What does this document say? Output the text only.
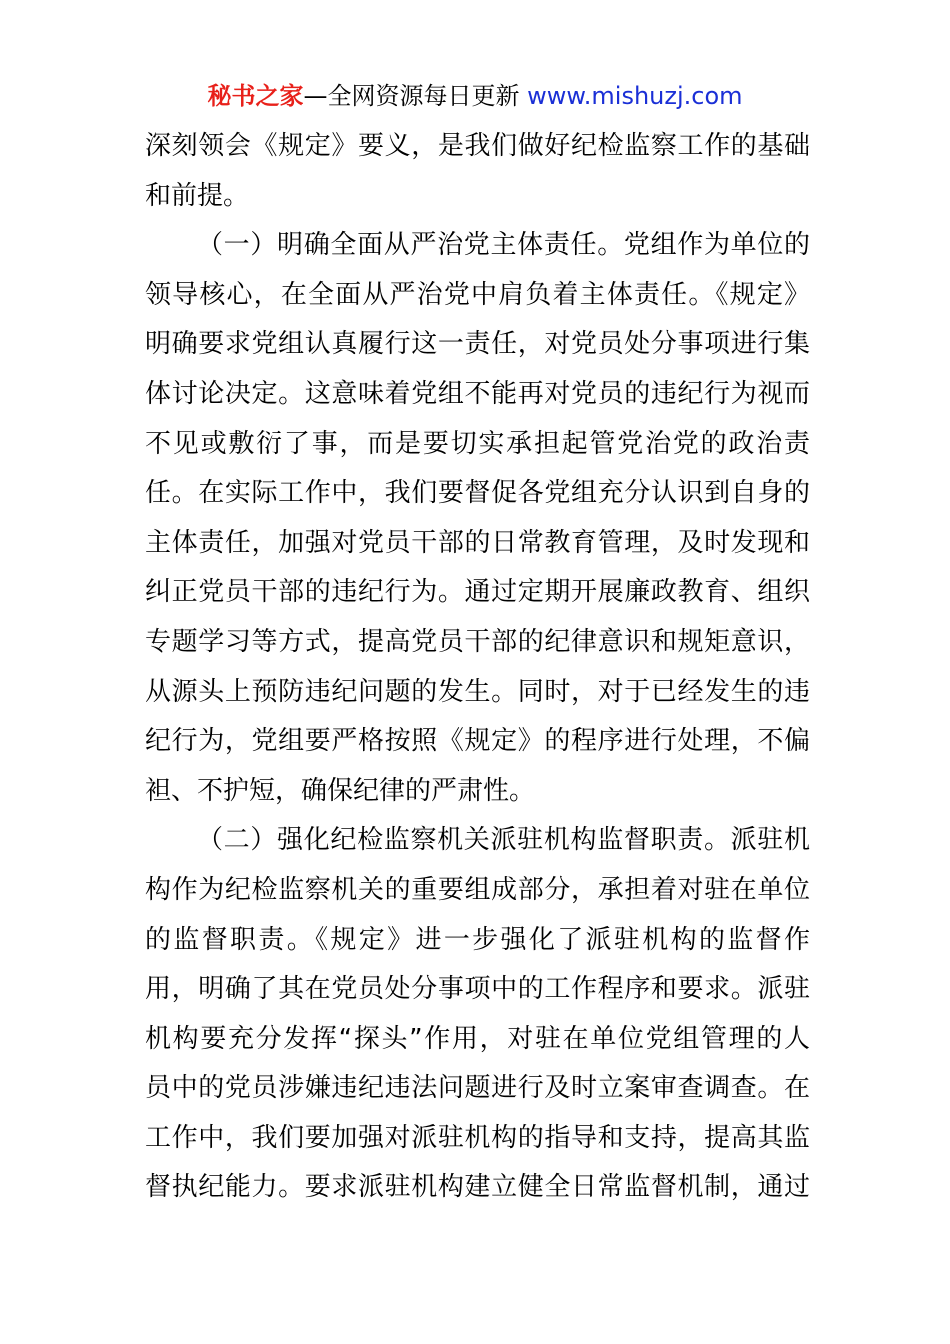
秘书之家—全网资源每日更新 www.mishuzj.com
深刻领会《规定》要义，是我们做好纪检监察工作的基础
和前提。
（一）明确全面从严治党主体责任。党组作为单位的
领导核心，在全面从严治党中肩负着主体责任。《规定》
明确要求党组认真履行这一责任，对党员处分事项进行集
体讨论决定。这意味着党组不能再对党员的违纪行为视而
不见或敷衍了事，而是要切实承担起管党治党的政治责
任。在实际工作中，我们要督促各党组充分认识到自身的
主体责任，加强对党员干部的日常教育管理，及时发现和
纠正党员干部的违纪行为。通过定期开展廉政教育、组织
专题学习等方式，提高党员干部的纪律意识和规矩意识，
从源头上预防违纪问题的发生。同时，对于已经发生的违
纪行为，党组要严格按照《规定》的程序进行处理，不偏
袒、不护短，确保纪律的严肃性。
（二）强化纪检监察机关派驻机构监督职责。派驻机
构作为纪检监察机关的重要组成部分，承担着对驻在单位
的监督职责。《规定》进一步强化了派驻机构的监督作
用，明确了其在党员处分事项中的工作程序和要求。派驻
机构要充分发挥“探头”作用，对驻在单位党组管理的人
员中的党员涉嫌违纪违法问题进行及时立案审查调查。在
工作中，我们要加强对派驻机构的指导和支持，提高其监
督执纪能力。要求派驻机构建立健全日常监督机制，通过
